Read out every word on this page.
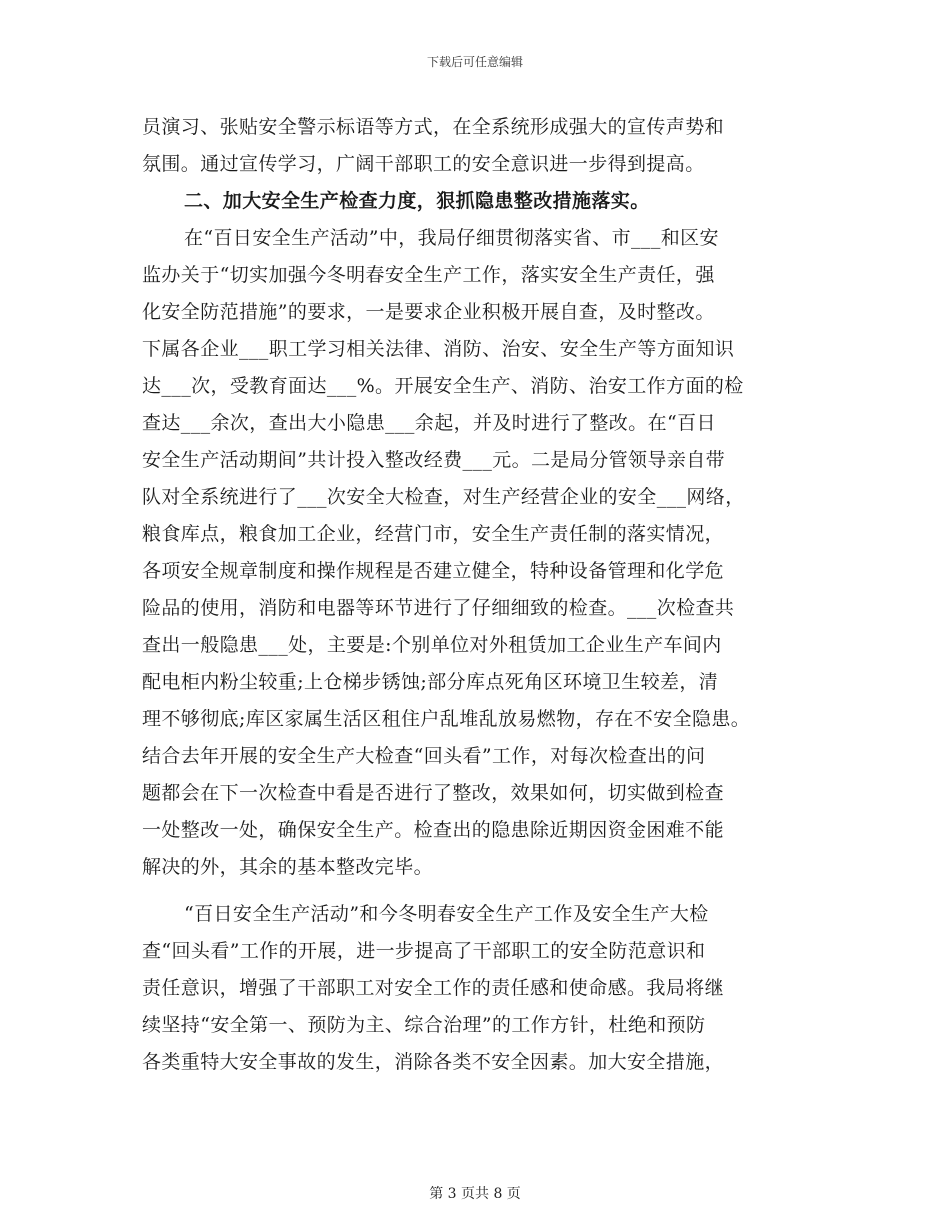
下载后可任意编辑
员演习、张贴安全警示标语等方式，在全系统形成强大的宣传声势和
氛围。通过宣传学习，广阔干部职工的安全意识进一步得到提高。
二、加大安全生产检查力度，狠抓隐患整改措施落实。
在“百日安全生产活动”中，我局仔细贯彻落实省、市___和区安
监办关于“切实加强今冬明春安全生产工作，落实安全生产责任，强
化安全防范措施”的要求，一是要求企业积极开展自查，及时整改。
下属各企业___职工学习相关法律、消防、治安、安全生产等方面知识
达___次，受教育面达___%。开展安全生产、消防、治安工作方面的检
查达___余次，查出大小隐患___余起，并及时进行了整改。在“百日
安全生产活动期间”共计投入整改经费___元。二是局分管领导亲自带
队对全系统进行了___次安全大检查，对生产经营企业的安全___网络，
粮食库点，粮食加工企业，经营门市，安全生产责任制的落实情况，
各项安全规章制度和操作规程是否建立健全，特种设备管理和化学危
险品的使用，消防和电器等环节进行了仔细细致的检查。___次检查共
查出一般隐患___处，主要是:个别单位对外租赁加工企业生产车间内
配电柜内粉尘较重;上仓梯步锈蚀;部分库点死角区环境卫生较差，清
理不够彻底;库区家属生活区租住户乱堆乱放易燃物，存在不安全隐患。
结合去年开展的安全生产大检查“回头看”工作，对每次检查出的问
题都会在下一次检查中看是否进行了整改，效果如何，切实做到检查
一处整改一处，确保安全生产。检查出的隐患除近期因资金困难不能
解决的外，其余的基本整改完毕。
“百日安全生产活动”和今冬明春安全生产工作及安全生产大检
查“回头看”工作的开展，进一步提高了干部职工的安全防范意识和
责任意识，增强了干部职工对安全工作的责任感和使命感。我局将继
续坚持“安全第一、预防为主、综合治理”的工作方针，杜绝和预防
各类重特大安全事故的发生，消除各类不安全因素。加大安全措施，
第 3 页共 8 页
